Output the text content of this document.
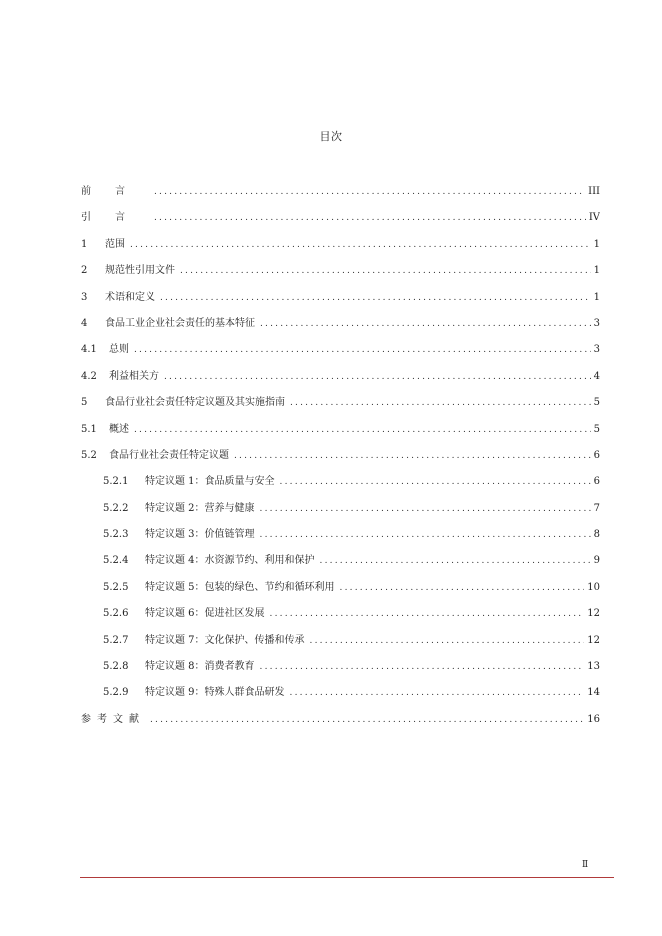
目次
前言 .....	III
引言 .....	IV
1	范围 .....	1
2	规范性引用文件 .....	1
3	术语和定义 .....	1
4	食品工业企业社会责任的基本特征 .....	3
4.1	总则 .....	3
4.2	利益相关方 .....	4
5	食品行业社会责任特定议题及其实施指南 .....	5
5.1	概述 .....	5
5.2	食品行业社会责任特定议题 .....	6
5.2.1	特定议题 1：食品质量与安全 .....	6
5.2.2	特定议题 2：营养与健康 .....	7
5.2.3	特定议题 3：价值链管理 .....	8
5.2.4	特定议题 4：水资源节约、利用和保护 .....	9
5.2.5	特定议题 5：包装的绿色、节约和循环利用 .....	10
5.2.6	特定议题 6：促进社区发展 .....	12
5.2.7	特定议题 7：文化保护、传播和传承 .....	12
5.2.8	特定议题 8：消费者教育 .....	13
5.2.9	特定议题 9：特殊人群食品研发 .....	14
参考文献 .....	16
Ⅱ
